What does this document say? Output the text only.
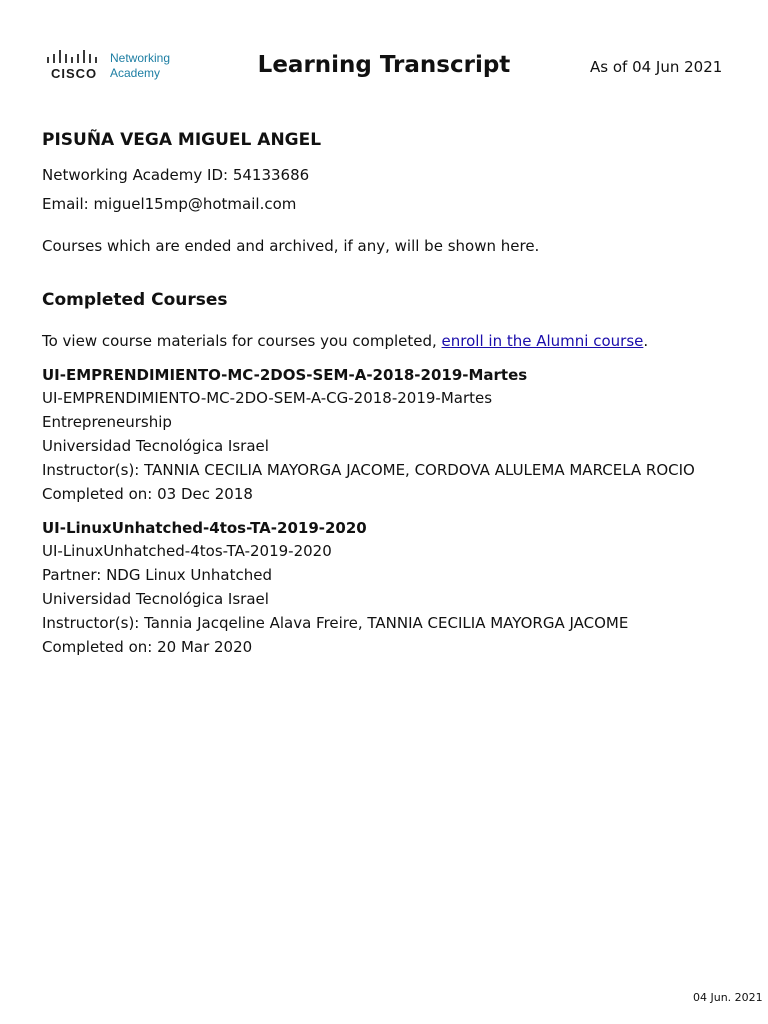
CISCO
Networking
Academy	Learning Transcript	As of 04 Jun 2021
PISUÑA VEGA MIGUEL ANGEL
Networking Academy ID: 54133686
Email: miguel15mp@hotmail.com
Courses which are ended and archived, if any, will be shown here.
Completed Courses
To view course materials for courses you completed, enroll in the Alumni course.
UI-EMPRENDIMIENTO-MC-2DOS-SEM-A-2018-2019-Martes
UI-EMPRENDIMIENTO-MC-2DO-SEM-A-CG-2018-2019-Martes
Entrepreneurship
Universidad Tecnológica Israel
Instructor(s): TANNIA CECILIA MAYORGA JACOME, CORDOVA ALULEMA MARCELA ROCIO
Completed on: 03 Dec 2018
UI-LinuxUnhatched-4tos-TA-2019-2020
UI-LinuxUnhatched-4tos-TA-2019-2020
Partner: NDG Linux Unhatched
Universidad Tecnológica Israel
Instructor(s): Tannia Jacqeline Alava Freire, TANNIA CECILIA MAYORGA JACOME
Completed on: 20 Mar 2020
04 Jun. 2021
